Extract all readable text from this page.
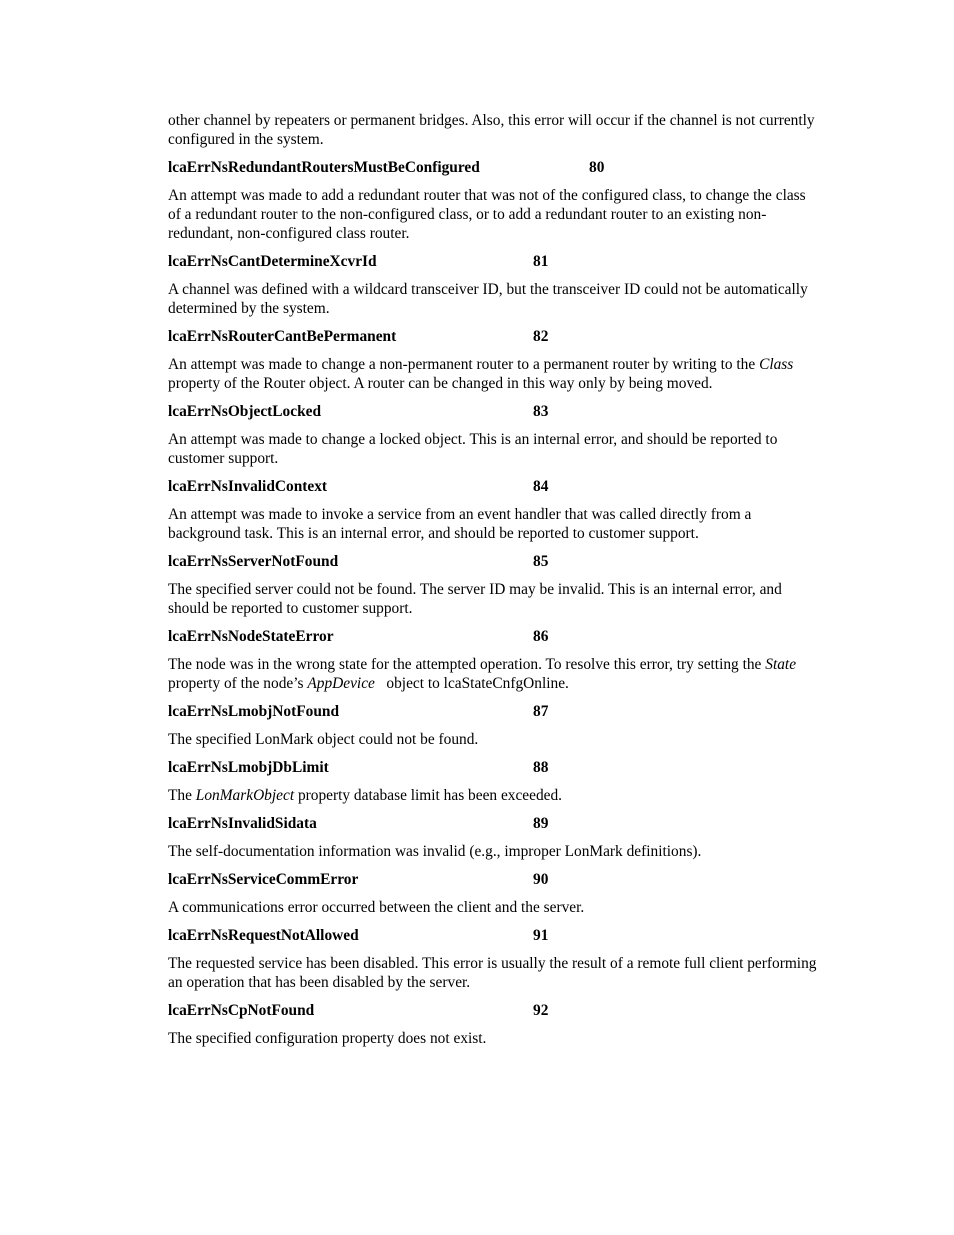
other channel by repeaters or permanent bridges. Also, this error will occur if the channel is not currently configured in the system.

lcaErrNsRedundantRoutersMustBeConfigured	80

An attempt was made to add a redundant router that was not of the configured class, to change the class of a redundant router to the non-configured class, or to add a redundant router to an existing non-redundant, non-configured class router.

lcaErrNsCantDetermineXcvrId	81

A channel was defined with a wildcard transceiver ID, but the transceiver ID could not be automatically determined by the system.

lcaErrNsRouterCantBePermanent	82

An attempt was made to change a non-permanent router to a permanent router by writing to the Class property of the Router object. A router can be changed in this way only by being moved.

lcaErrNsObjectLocked	83

An attempt was made to change a locked object. This is an internal error, and should be reported to customer support.

lcaErrNsInvalidContext	84

An attempt was made to invoke a service from an event handler that was called directly from a background task. This is an internal error, and should be reported to customer support.

lcaErrNsServerNotFound	85

The specified server could not be found. The server ID may be invalid. This is an internal error, and should be reported to customer support.

lcaErrNsNodeStateError	86

The node was in the wrong state for the attempted operation. To resolve this error, try setting the State property of the node’s AppDevice   object to lcaStateCnfgOnline.

lcaErrNsLmobjNotFound	87

The specified LonMark object could not be found.

lcaErrNsLmobjDbLimit	88

The LonMarkObject property database limit has been exceeded.

lcaErrNsInvalidSidata	89

The self-documentation information was invalid (e.g., improper LonMark definitions).

lcaErrNsServiceCommError	90

A communications error occurred between the client and the server.

lcaErrNsRequestNotAllowed	91

The requested service has been disabled. This error is usually the result of a remote full client performing an operation that has been disabled by the server.

lcaErrNsCpNotFound	92

The specified configuration property does not exist.
